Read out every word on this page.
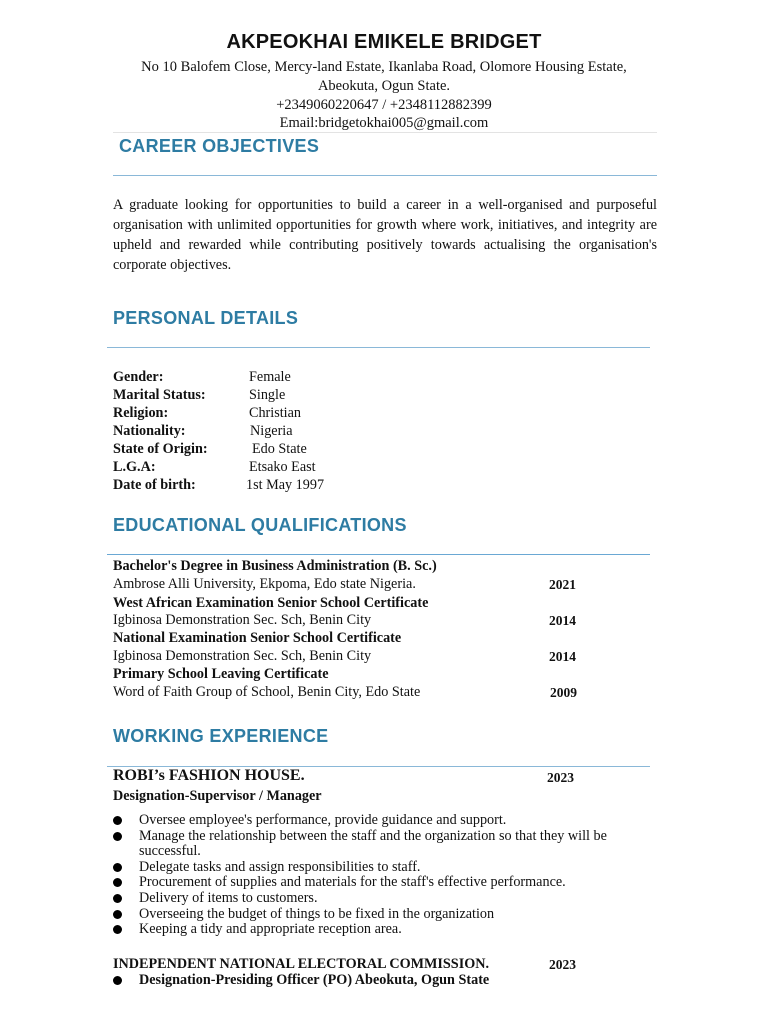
AKPEOKHAI EMIKELE BRIDGET
No 10 Balofem Close, Mercy-land Estate, Ikanlaba Road, Olomore Housing Estate,
Abeokuta, Ogun State.
+2349060220647 / +2348112882399
Email:bridgetokhai005@gmail.com
CAREER OBJECTIVES
A graduate looking for opportunities to build a career in a well-organised and purposeful organisation with unlimited opportunities for growth where work, initiatives, and integrity are upheld and rewarded while contributing positively towards actualising the organisation's corporate objectives.
PERSONAL DETAILS
Gender:	Female
Marital Status:	Single
Religion:	Christian
Nationality:	Nigeria
State of Origin:	Edo State
L.G.A:	Etsako East
Date of birth:	1st May 1997
EDUCATIONAL QUALIFICATIONS
Bachelor's Degree in Business Administration (B. Sc.)
Ambrose Alli University, Ekpoma, Edo state Nigeria.	2021
West African Examination Senior School Certificate
Igbinosa Demonstration Sec. Sch, Benin City	2014
National Examination Senior School Certificate
Igbinosa Demonstration Sec. Sch, Benin City	2014
Primary School Leaving Certificate
Word of Faith Group of School, Benin City, Edo State	2009
WORKING EXPERIENCE
ROBI’s FASHION HOUSE.	2023
Designation-Supervisor / Manager
Oversee employee's performance, provide guidance and support.
Manage the relationship between the staff and the organization so that they will be successful.
Delegate tasks and assign responsibilities to staff.
Procurement of supplies and materials for the staff's effective performance.
Delivery of items to customers.
Overseeing the budget of things to be fixed in the organization
Keeping a tidy and appropriate reception area.
INDEPENDENT NATIONAL ELECTORAL COMMISSION.	2023
Designation-Presiding Officer (PO) Abeokuta, Ogun State
